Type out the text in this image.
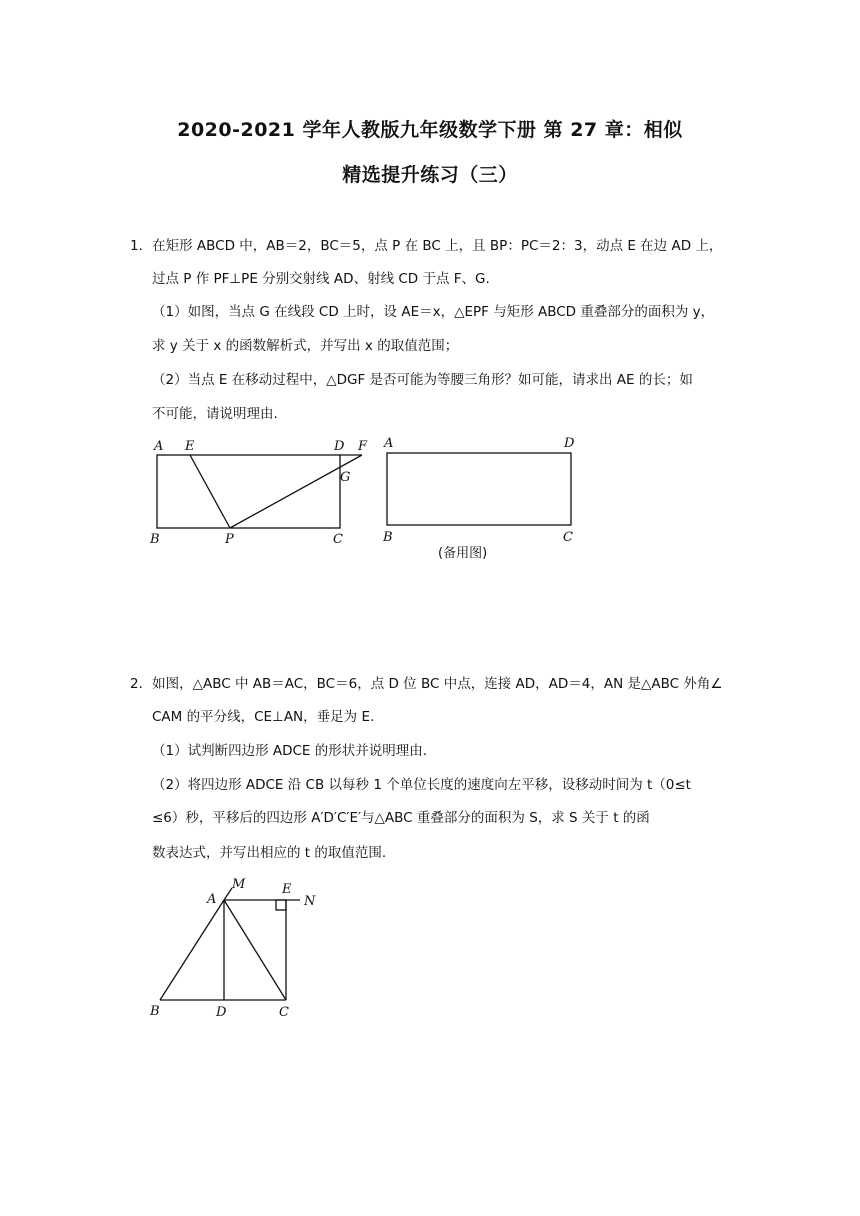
2020-2021 学年人教版九年级数学下册 第 27 章：相似
精选提升练习（三）
1．在矩形 ABCD 中，AB＝2，BC＝5，点 P 在 BC 上，且 BP：PC＝2：3，动点 E 在边 AD 上，
过点 P 作 PF⊥PE 分别交射线 AD、射线 CD 于点 F、G.
（1）如图，当点 G 在线段 CD 上时，设 AE＝x，△EPF 与矩形 ABCD 重叠部分的面积为 y，
求 y 关于 x 的函数解析式，并写出 x 的取值范围；
（2）当点 E 在移动过程中，△DGF 是否可能为等腰三角形？如可能，请求出 AE 的长；如
不可能，请说明理由.
A E	D F
G
B	P	C
A	D
B	C
(备用图)
A
M	E
N
B	D	C
2．如图，△ABC 中 AB＝AC，BC＝6，点 D 位 BC 中点，连接 AD，AD＝4，AN 是△ABC 外角∠
CAM 的平分线，CE⊥AN，垂足为 E.
（1）试判断四边形 ADCE 的形状并说明理由.
（2）将四边形 ADCE 沿 CB 以每秒 1 个单位长度的速度向左平移，设移动时间为 t（0≤t
≤6）秒，平移后的四边形 A′D′C′E′与△ABC 重叠部分的面积为 S，求 S 关于 t 的函
数表达式，并写出相应的 t 的取值范围.
